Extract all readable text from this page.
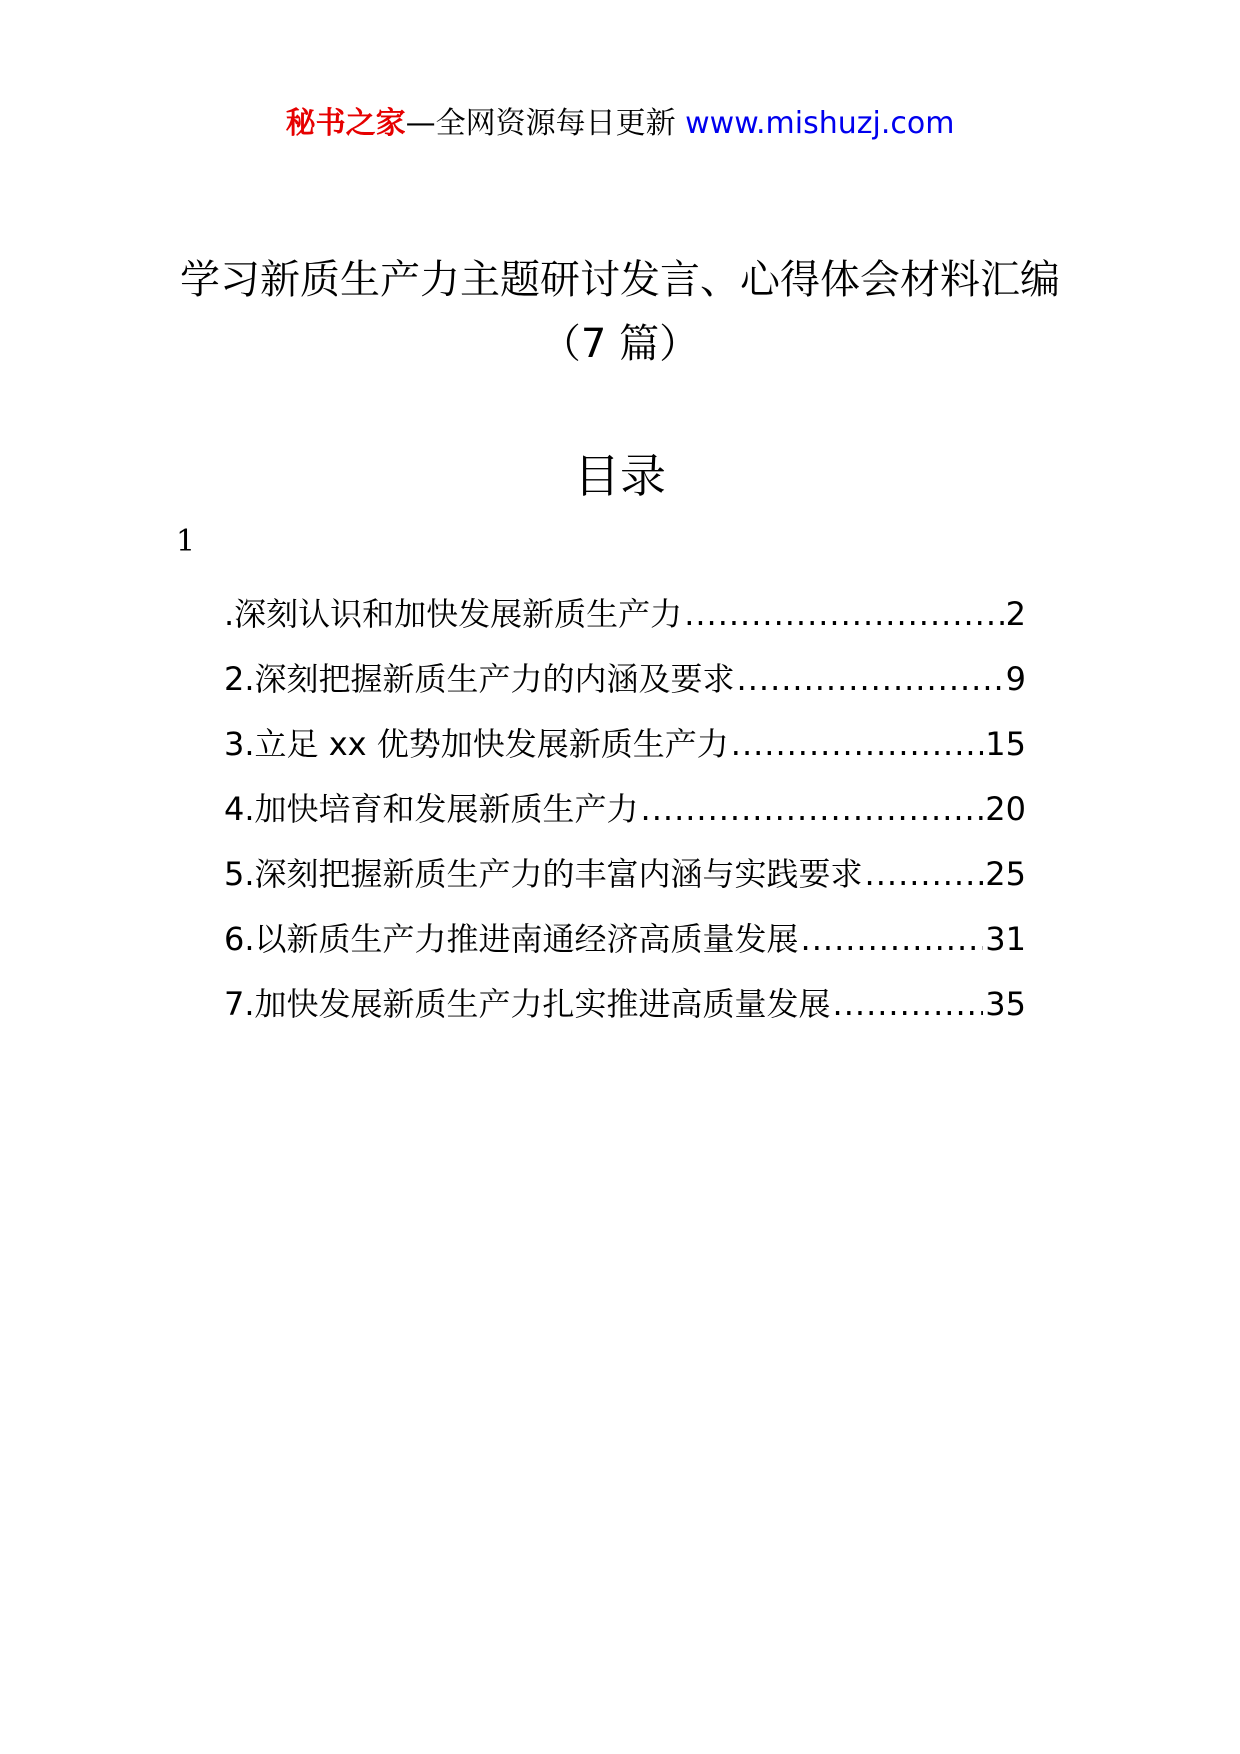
秘书之家—全网资源每日更新 www.mishuzj.com
学习新质生产力主题研讨发言、心得体会材料汇编
（7 篇）
目录
1
.深刻认识和加快发展新质生产力 .....	2
2.深刻把握新质生产力的内涵及要求 .....	9
3.立足 xx 优势加快发展新质生产力 .....	15
4.加快培育和发展新质生产力 .....	20
5.深刻把握新质生产力的丰富内涵与实践要求 .....	25
6.以新质生产力推进南通经济高质量发展 .....	31
7.加快发展新质生产力扎实推进高质量发展 .....	35
